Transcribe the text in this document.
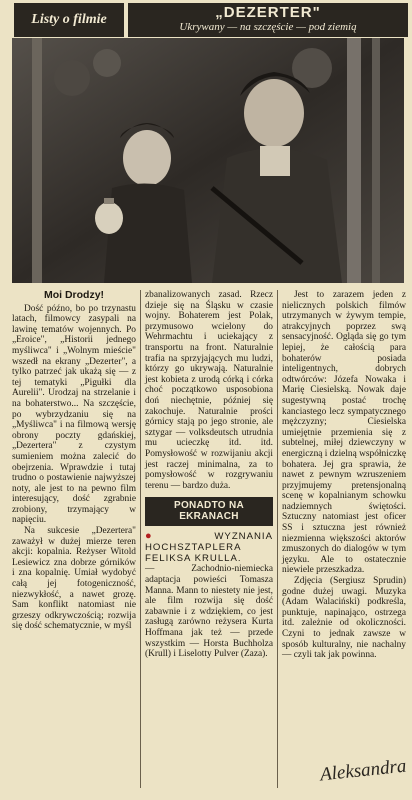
Listy o filmie	„DEZERTER"
Ukrywany — na szczęście — pod ziemią

Moi Drodzy!

Dość późno, bo po trzynastu latach, filmowcy zasypali na lawinę tematów wojennych. Po „Eroice", „Historii jednego myśliwca" i „Wolnym mieście" wszedł na ekrany „Dezerter", a tylko patrzeć jak ukażą się — z tej tematyki „Pigułki dla Aurelii". Urodzaj na strzelanie i na bohaterstwo... Na szczęście, po wybrzydzaniu się na „Myśliwca" i na filmową wersję obrony poczty gdańskiej, „Dezertera" z czystym sumieniem można zalecić do obejrzenia. Wprawdzie i tutaj trudno o postawienie najwyższej noty, ale jest to na pewno film interesujący, dość zgrabnie zrobiony, trzymający w napięciu.

Na sukcesie „Dezertera" zaważył w dużej mierze teren akcji: kopalnia. Reżyser Witold Lesiewicz zna dobrze górników i zna kopalnię. Umiał wydobyć całą jej fotogeniczność, niezwykłość, a nawet grozę. Sam konflikt natomiast nie grzeszy odkrywczością; rozwija się dość schematycznie, w myśl

zbanalizowanych zasad. Rzecz dzieje się na Śląsku w czasie wojny. Bohaterem jest Polak, przymusowo wcielony do Wehrmachtu i uciekający z transportu na front. Naturalnie trafia na sprzyjających mu ludzi, którzy go ukrywają. Naturalnie jest kobieta z urodą córką i córka choć początkowo usposobiona doń niechętnie, później się zakochuje. Naturalnie prości górnicy stają po jego stronie, ale sztygar — volksdeutsch utrudnia mu ucieczkę itd. itd. Pomysłowość w rozwijaniu akcji jest raczej minimalna, za to pomysłowość w rozgrywaniu terenu — bardzo duża.

PONADTO NA EKRANACH

●	WYZNANIA HOCHSZTAPLERA FELIKSA KRULLA.

— Zachodnio-niemiecka adaptacja powieści Tomasza Manna. Mann to niestety nie jest, ale film rozwija się dość zabawnie i z wdziękiem, co jest zasługą zarówno reżysera Kurta Hoffmana jak też — przede wszystkim — Horsta Buchholza (Krull) i Liselotty Pulver (Zaza).

Jest to zarazem jeden z nielicznych polskich filmów utrzymanych w żywym tempie, atrakcyjnych poprzez swą sensacyjność. Ogląda się go tym lepiej, że całością para bohaterów posiada inteligentnych, dobrych odtwórców: Józefa Nowaka i Marię Ciesielską. Nowak daje sugestywną postać trochę kanciastego lecz sympatycznego mężczyzny; Ciesielska umiejętnie przemienia się z subtelnej, miłej dziewczyny w energiczną i dzielną współniczkę bohatera. Jej gra sprawia, że nawet z pewnym wzruszeniem przyjmujemy pretensjonalną scenę w kopalnianym schowku nadziemnych świętości. Sztuczny natomiast jest oficer SS i sztuczna jest również niezmienna większości aktorów zmuszonych do dialogów w tym języku. Ale to ostatecznie niewiele przeszkadza.

Zdjęcia (Sergiusz Sprudin) godne dużej uwagi. Muzyka (Adam Walaciński) podkreśla, punktuje, napinająco, ostrzega itd. zależnie od okoliczności. Czyni to jednak zawsze w sposób kulturalny, nie nachalny — czyli tak jak powinna.

Aleksandra
